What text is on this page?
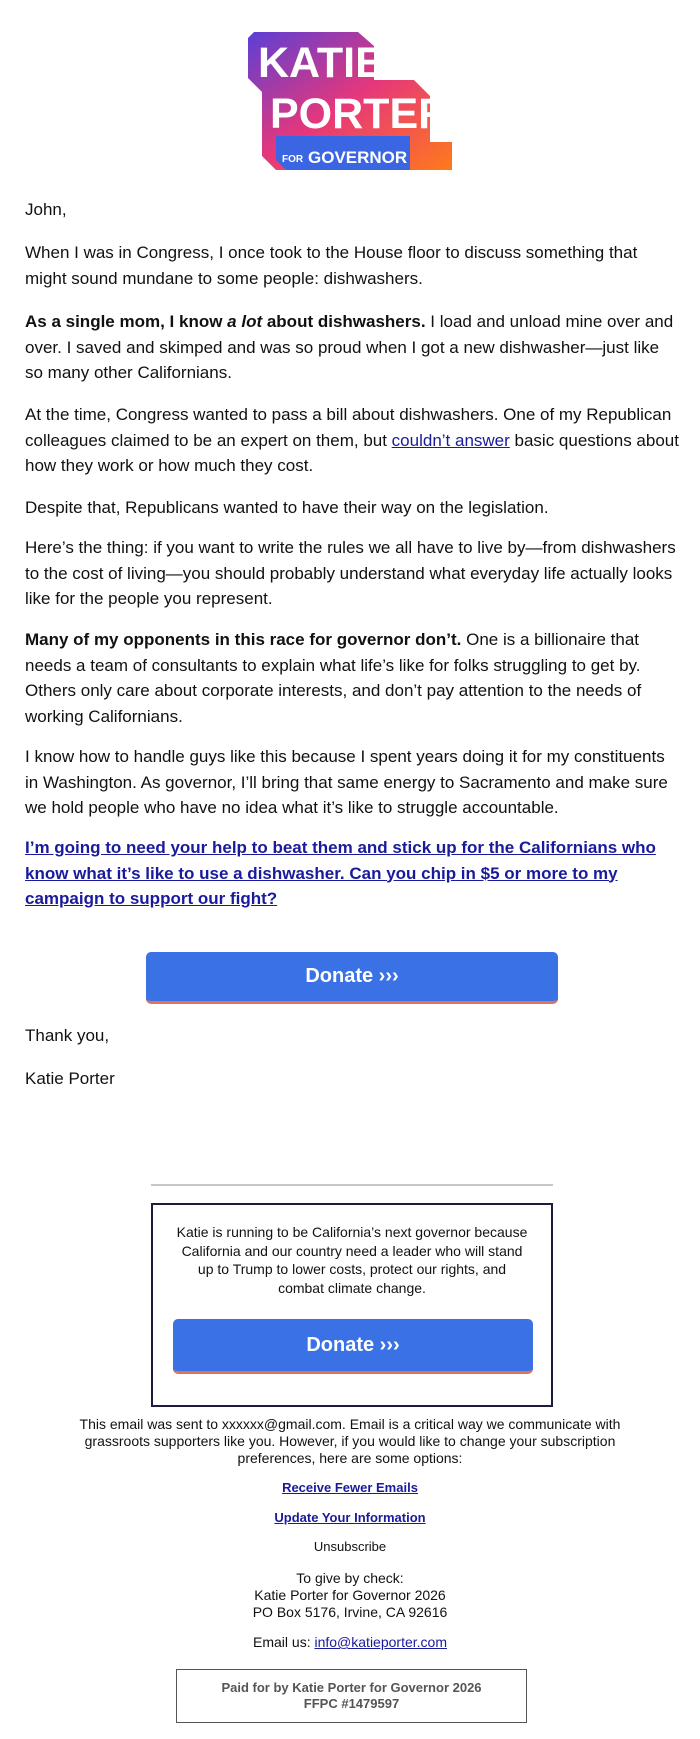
KATIE
PORTER
FOR GOVERNOR

John,

When I was in Congress, I once took to the House floor to discuss something that might sound mundane to some people: dishwashers.

As a single mom, I know a lot about dishwashers. I load and unload mine over and over. I saved and skimped and was so proud when I got a new dishwasher—just like so many other Californians.

At the time, Congress wanted to pass a bill about dishwashers. One of my Republican colleagues claimed to be an expert on them, but couldn’t answer basic questions about how they work or how much they cost.

Despite that, Republicans wanted to have their way on the legislation.

Here’s the thing: if you want to write the rules we all have to live by—from dishwashers to the cost of living—you should probably understand what everyday life actually looks like for the people you represent.

Many of my opponents in this race for governor don’t. One is a billionaire that needs a team of consultants to explain what life’s like for folks struggling to get by. Others only care about corporate interests, and don’t pay attention to the needs of working Californians.

I know how to handle guys like this because I spent years doing it for my constituents in Washington. As governor, I’ll bring that same energy to Sacramento and make sure we hold people who have no idea what it’s like to struggle accountable.

I’m going to need your help to beat them and stick up for the Californians who know what it’s like to use a dishwasher. Can you chip in $5 or more to my campaign to support our fight?

Donate ›››

Thank you,

Katie Porter

Katie is running to be California’s next governor because California and our country need a leader who will stand up to Trump to lower costs, protect our rights, and combat climate change.
Donate ›››
This email was sent to xxxxxx@gmail.com. Email is a critical way we communicate with grassroots supporters like you. However, if you would like to change your subscription preferences, here are some options:
Receive Fewer Emails
Update Your Information
Unsubscribe
To give by check:
Katie Porter for Governor 2026
PO Box 5176, Irvine, CA 92616
Email us: info@katieporter.com
Paid for by Katie Porter for Governor 2026
FFPC #1479597
